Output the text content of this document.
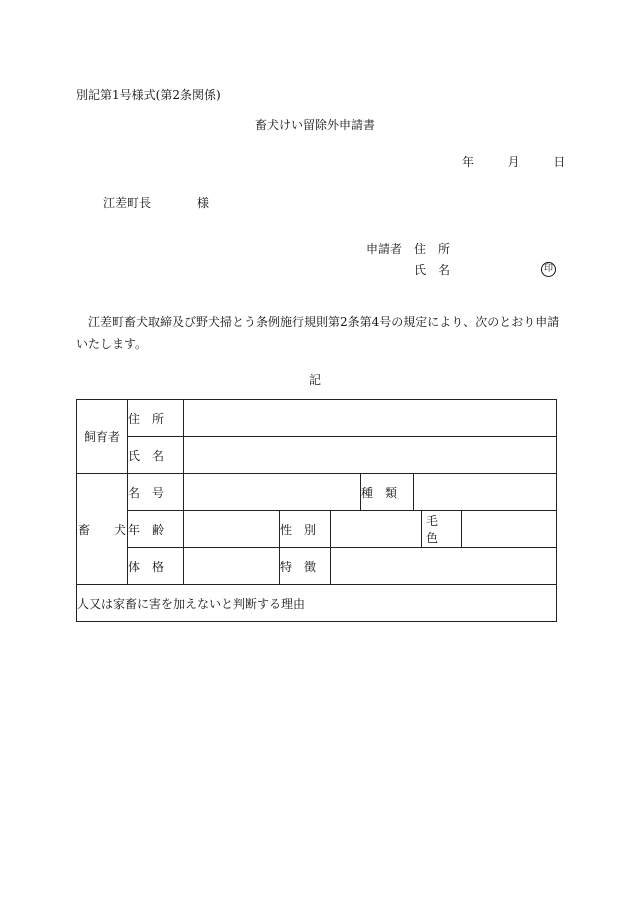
別記第1号様式(第2条関係)
畜犬けい留除外申請書
年	月	日
江差町長	様
申請者 住　所
氏　名	印
江差町畜犬取締及び野犬掃とう条例施行規則第2条第4号の規定により、次のとおり申請いたします。
記
飼育者	住　所							
	氏　名							
畜　　犬	名　号				種　類			
	年　齢		性　別				毛　色	
	体　格		特　徴					
人又は家畜に害を加えないと判断する理由								
